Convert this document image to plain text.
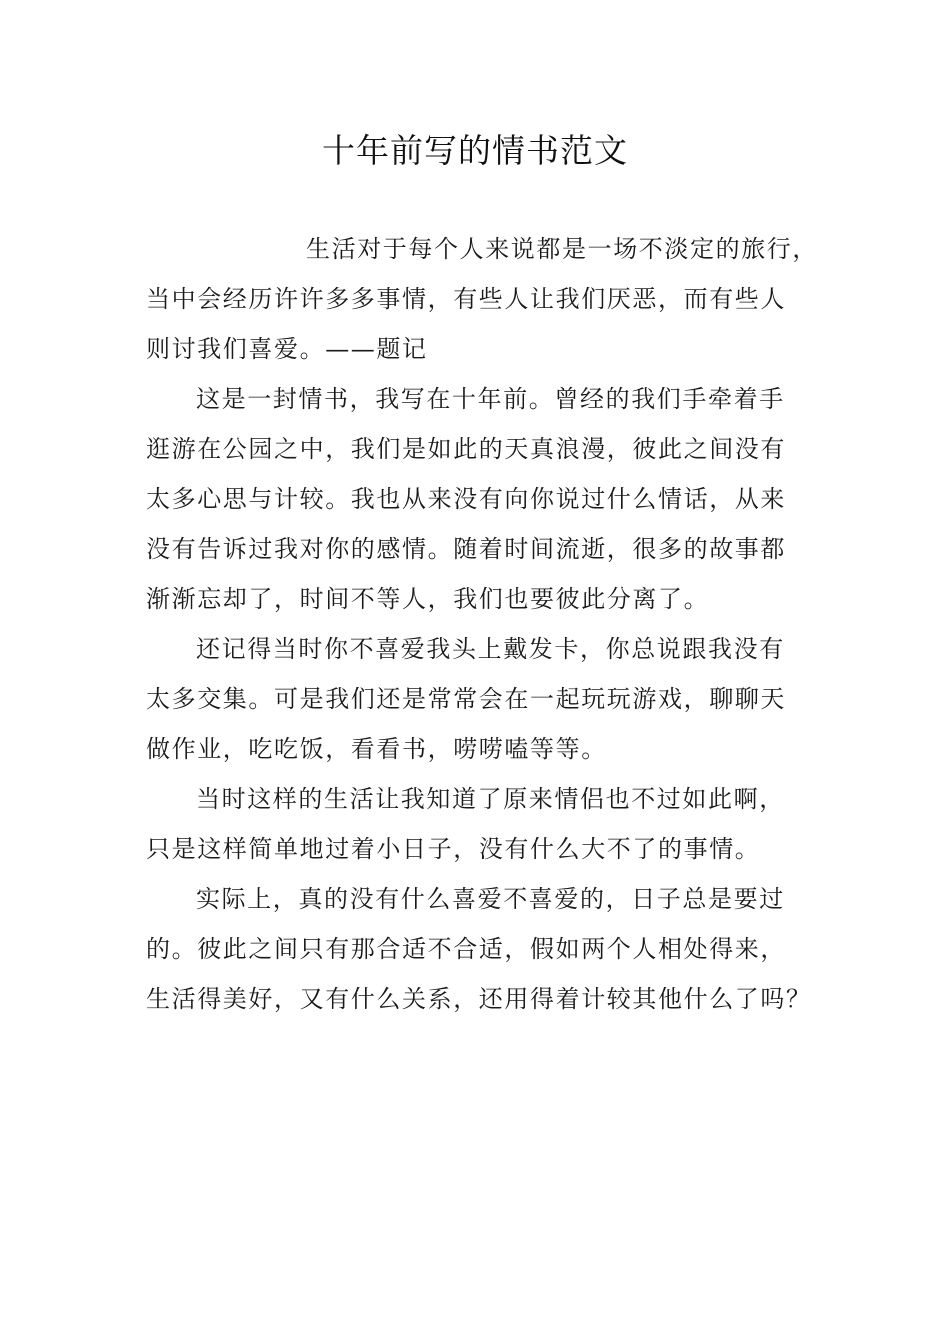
十年前写的情书范文
生活对于每个人来说都是一场不淡定的旅行，
当中会经历许许多多事情，有些人让我们厌恶，而有些人
则讨我们喜爱。——题记
这是一封情书，我写在十年前。曾经的我们手牵着手
逛游在公园之中，我们是如此的天真浪漫，彼此之间没有
太多心思与计较。我也从来没有向你说过什么情话，从来
没有告诉过我对你的感情。随着时间流逝，很多的故事都
渐渐忘却了，时间不等人，我们也要彼此分离了。
还记得当时你不喜爱我头上戴发卡，你总说跟我没有
太多交集。可是我们还是常常会在一起玩玩游戏，聊聊天
做作业，吃吃饭，看看书，唠唠嗑等等。
当时这样的生活让我知道了原来情侣也不过如此啊，
只是这样简单地过着小日子，没有什么大不了的事情。
实际上，真的没有什么喜爱不喜爱的，日子总是要过
的。彼此之间只有那合适不合适，假如两个人相处得来，
生活得美好，又有什么关系，还用得着计较其他什么了吗？
